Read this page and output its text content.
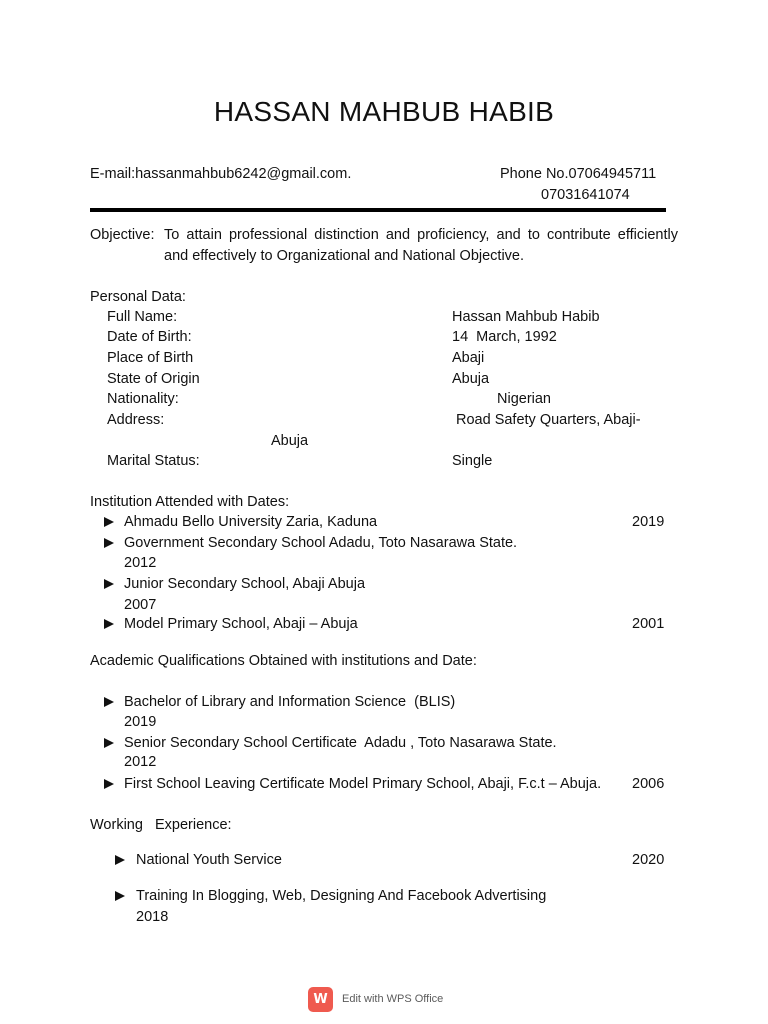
HASSAN MAHBUB HABIB
E-mail:hassanmahbub6242@gmail.com.	Phone No.07064945711
07031641074
Objective: To attain professional distinction and proficiency, and to contribute efficiently and effectively to Organizational and National Objective.
Personal Data:
Full Name:	Hassan Mahbub Habib
Date of Birth:	14  March, 1992
Place of Birth	Abaji
State of Origin	Abuja
Nationality:	Nigerian
Address:	Road Safety Quarters, Abaji-
Abuja
Marital Status:	Single
Institution Attended with Dates:
Ahmadu Bello University Zaria, Kaduna	2019
Government Secondary School Adadu, Toto Nasarawa State.
2012
Junior Secondary School, Abaji Abuja
2007
Model Primary School, Abaji – Abuja	2001
Academic Qualifications Obtained with institutions and Date:
Bachelor of Library and Information Science  (BLIS)
2019
Senior Secondary School Certificate  Adadu , Toto Nasarawa State.
2012
First School Leaving Certificate Model Primary School, Abaji, F.c.t – Abuja. 2006
Working   Experience:
National Youth Service	2020
Training In Blogging, Web, Designing And Facebook Advertising
2018
W	Edit with WPS Office
